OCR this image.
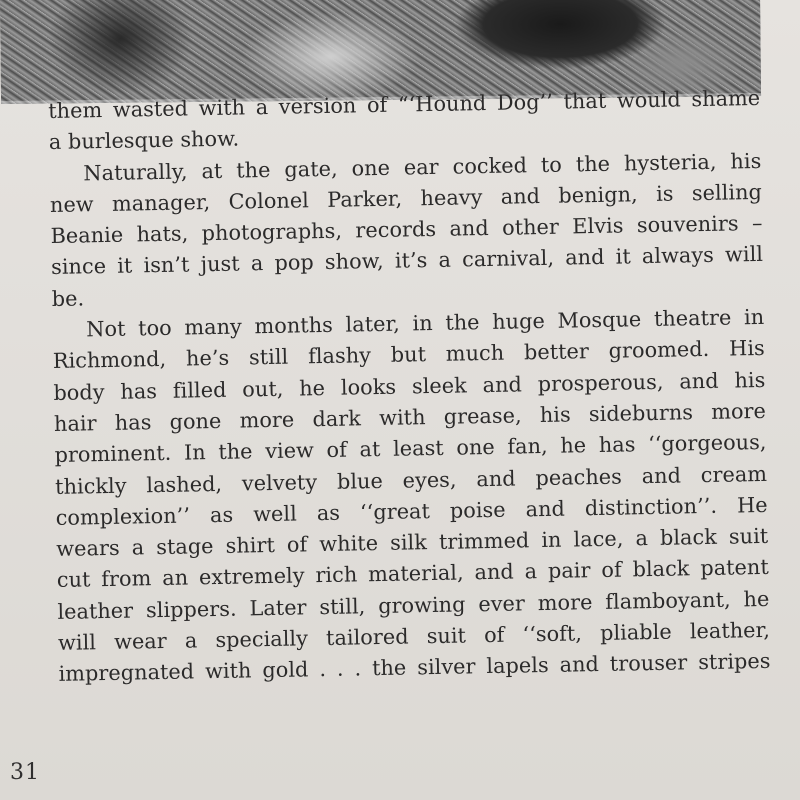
them wasted with a version of “‘Hound Dog’’ that would shame
a burlesque show.
Naturally, at the gate, one ear cocked to the hysteria, his
new manager, Colonel Parker, heavy and benign, is selling
Beanie hats, photographs, records and other Elvis souvenirs –
since it isn’t just a pop show, it’s a carnival, and it always will
be.
Not too many months later, in the huge Mosque theatre in
Richmond, he’s still flashy but much better groomed. His
body has filled out, he looks sleek and prosperous, and his
hair has gone more dark with grease, his sideburns more
prominent. In the view of at least one fan, he has ‘‘gorgeous,
thickly lashed, velvety blue eyes, and peaches and cream
complexion’’ as well as ‘‘great poise and distinction’’. He
wears a stage shirt of white silk trimmed in lace, a black suit
cut from an extremely rich material, and a pair of black patent
leather slippers. Later still, growing ever more flamboyant, he
will wear a specially tailored suit of ‘‘soft, pliable leather,
impregnated with gold . . . the silver lapels and trouser stripes
31
